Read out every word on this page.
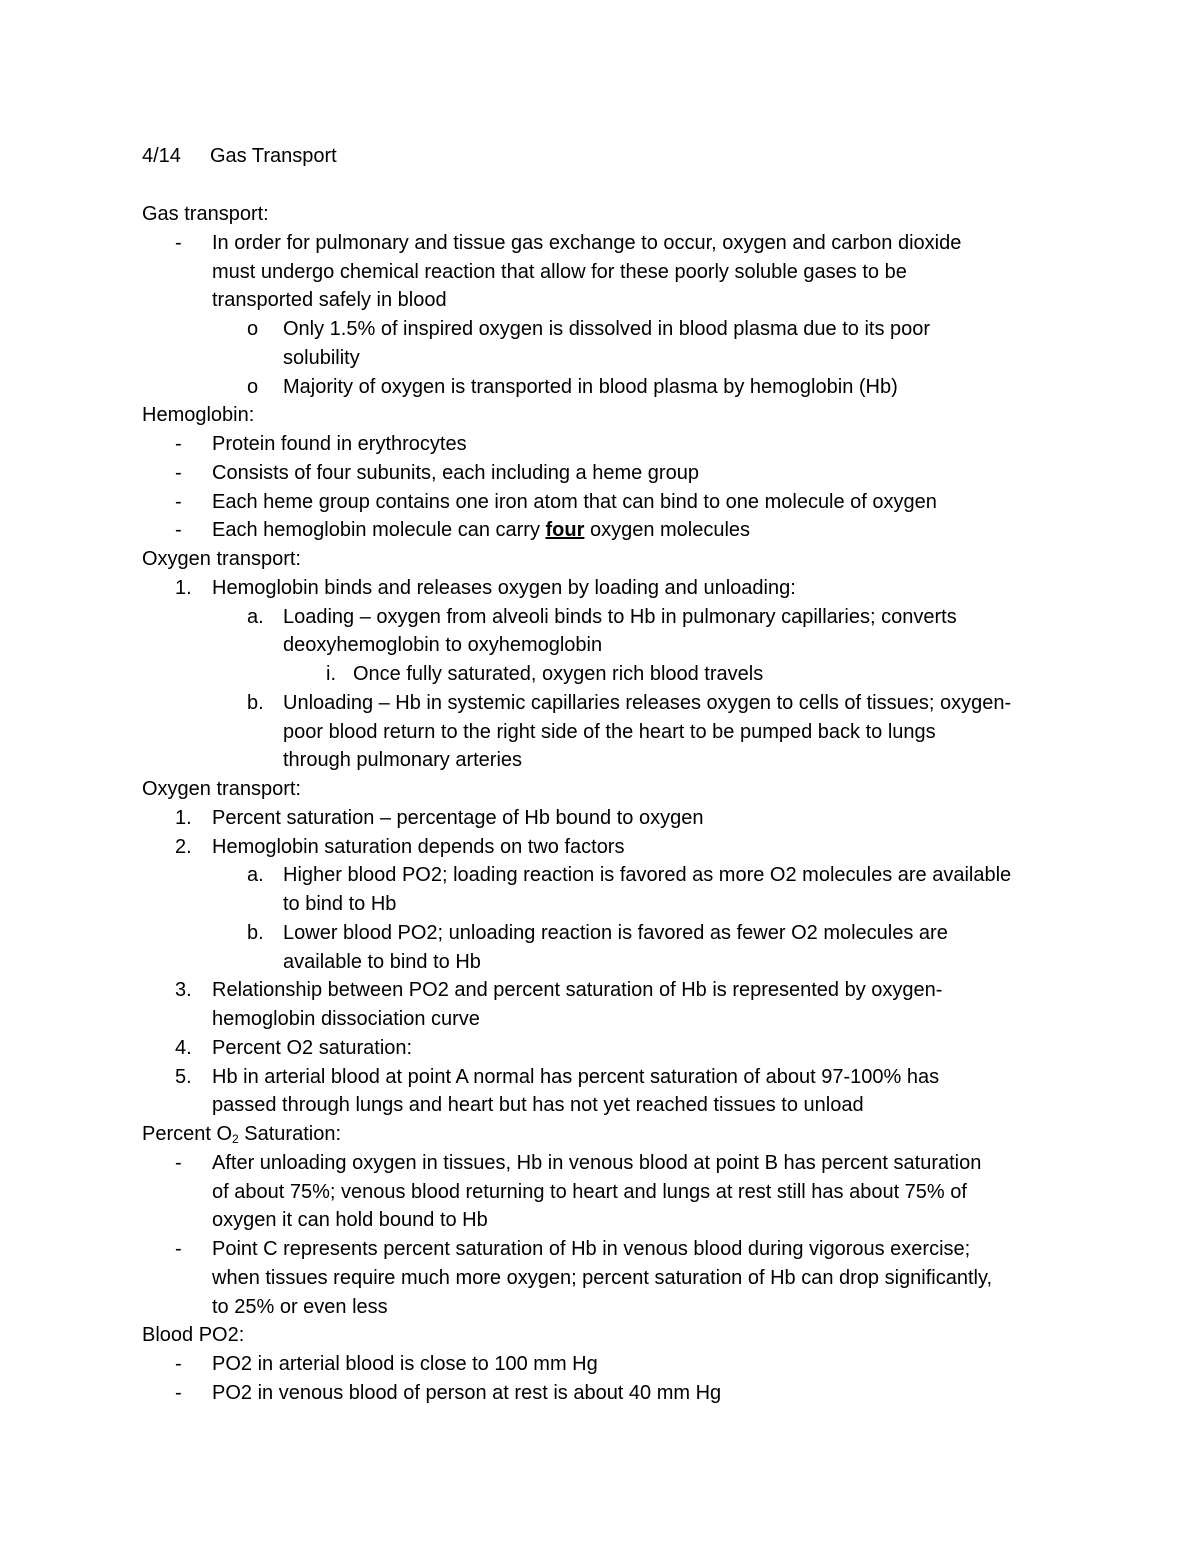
4/14 Gas Transport
Gas transport:
- In order for pulmonary and tissue gas exchange to occur, oxygen and carbon dioxide
must undergo chemical reaction that allow for these poorly soluble gases to be
transported safely in blood
o Only 1.5% of inspired oxygen is dissolved in blood plasma due to its poor
solubility
o Majority of oxygen is transported in blood plasma by hemoglobin (Hb)
Hemoglobin:
- Protein found in erythrocytes
- Consists of four subunits, each including a heme group
- Each heme group contains one iron atom that can bind to one molecule of oxygen
- Each hemoglobin molecule can carry four oxygen molecules
Oxygen transport:
1. Hemoglobin binds and releases oxygen by loading and unloading:
a. Loading – oxygen from alveoli binds to Hb in pulmonary capillaries; converts
deoxyhemoglobin to oxyhemoglobin
i. Once fully saturated, oxygen rich blood travels
b. Unloading – Hb in systemic capillaries releases oxygen to cells of tissues; oxygen-
poor blood return to the right side of the heart to be pumped back to lungs
through pulmonary arteries
Oxygen transport:
1. Percent saturation – percentage of Hb bound to oxygen
2. Hemoglobin saturation depends on two factors
a. Higher blood PO2; loading reaction is favored as more O2 molecules are available
to bind to Hb
b. Lower blood PO2; unloading reaction is favored as fewer O2 molecules are
available to bind to Hb
3. Relationship between PO2 and percent saturation of Hb is represented by oxygen-
hemoglobin dissociation curve
4. Percent O2 saturation:
5. Hb in arterial blood at point A normal has percent saturation of about 97-100% has
passed through lungs and heart but has not yet reached tissues to unload
Percent $O_2$ Saturation:
- After unloading oxygen in tissues, Hb in venous blood at point B has percent saturation
of about 75%; venous blood returning to heart and lungs at rest still has about 75% of
oxygen it can hold bound to Hb
- Point C represents percent saturation of Hb in venous blood during vigorous exercise;
when tissues require much more oxygen; percent saturation of Hb can drop significantly,
to 25% or even less
Blood PO2:
- PO2 in arterial blood is close to 100 mm Hg
- PO2 in venous blood of person at rest is about 40 mm Hg
